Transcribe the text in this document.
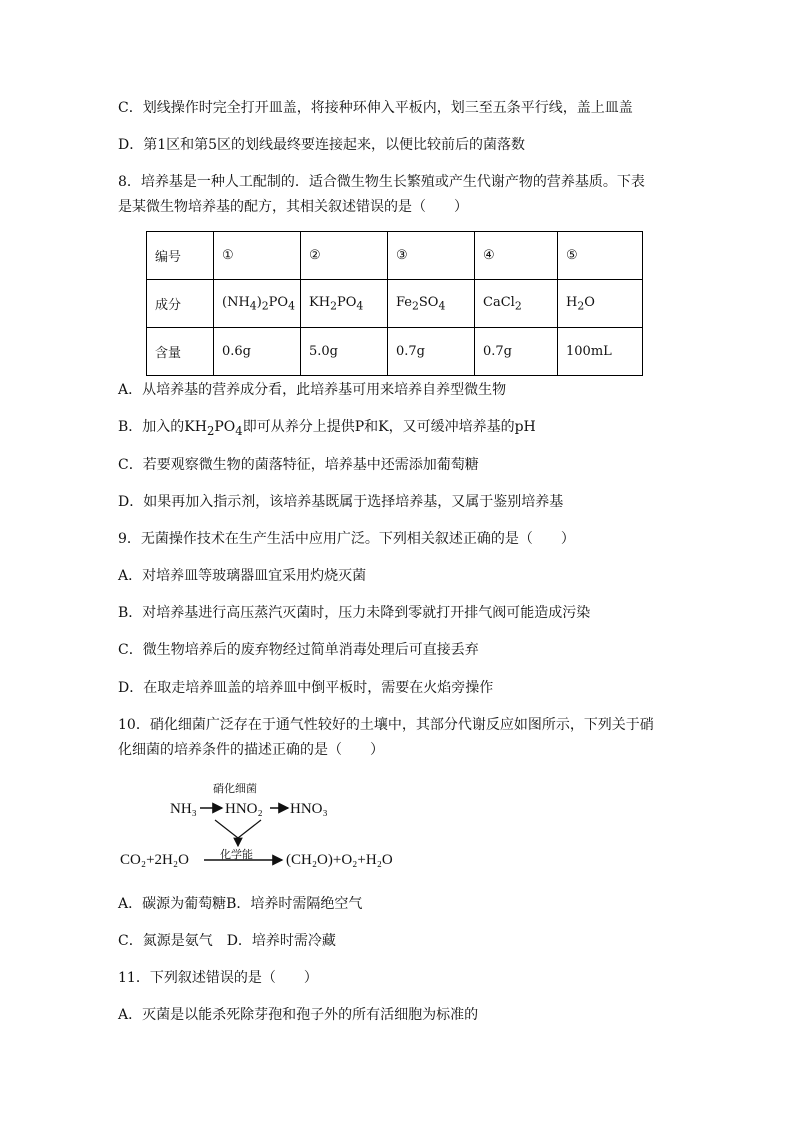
C．划线操作时完全打开皿盖，将接种环伸入平板内，划三至五条平行线，盖上皿盖
D．第1区和第5区的划线最终要连接起来，以便比较前后的菌落数
8．培养基是一种人工配制的．适合微生物生长繁殖或产生代谢产物的营养基质。下表
是某微生物培养基的配方，其相关叙述错误的是（　　）
编号	①	②	③	④	⑤
成分	$(NH_4)_2PO_4$	$KH_2PO_4$	$Fe_2SO_4$	CaCl$_2$	$H_2O$
含量	0.6g	5.0g	0.7g	0.7g	100mL
A．从培养基的营养成分看，此培养基可用来培养自养型微生物
B．加入的$KH_2PO_4$即可从养分上提供P和K，又可缓冲培养基的pH
C．若要观察微生物的菌落特征，培养基中还需添加葡萄糖
D．如果再加入指示剂，该培养基既属于选择培养基，又属于鉴别培养基
9．无菌操作技术在生产生活中应用广泛。下列相关叙述正确的是（　　）
A．对培养皿等玻璃器皿宜采用灼烧灭菌
B．对培养基进行高压蒸汽灭菌时，压力未降到零就打开排气阀可能造成污染
C．微生物培养后的废弃物经过简单消毒处理后可直接丢弃
D．在取走培养皿盖的培养皿中倒平板时，需要在火焰旁操作
10．硝化细菌广泛存在于通气性较好的土壤中，其部分代谢反应如图所示，下列关于硝
化细菌的培养条件的描述正确的是（　　）
硝化细菌
NH₃ HNO₂ HNO₃
化学能
CO₂+2H₂O	(CH₂O)+O₂+H₂O
A．碳源为葡萄糖B．培养时需隔绝空气
C．氮源是氨气　D．培养时需冷藏
11．下列叙述错误的是（　　）
A．灭菌是以能杀死除芽孢和孢子外的所有活细胞为标准的
